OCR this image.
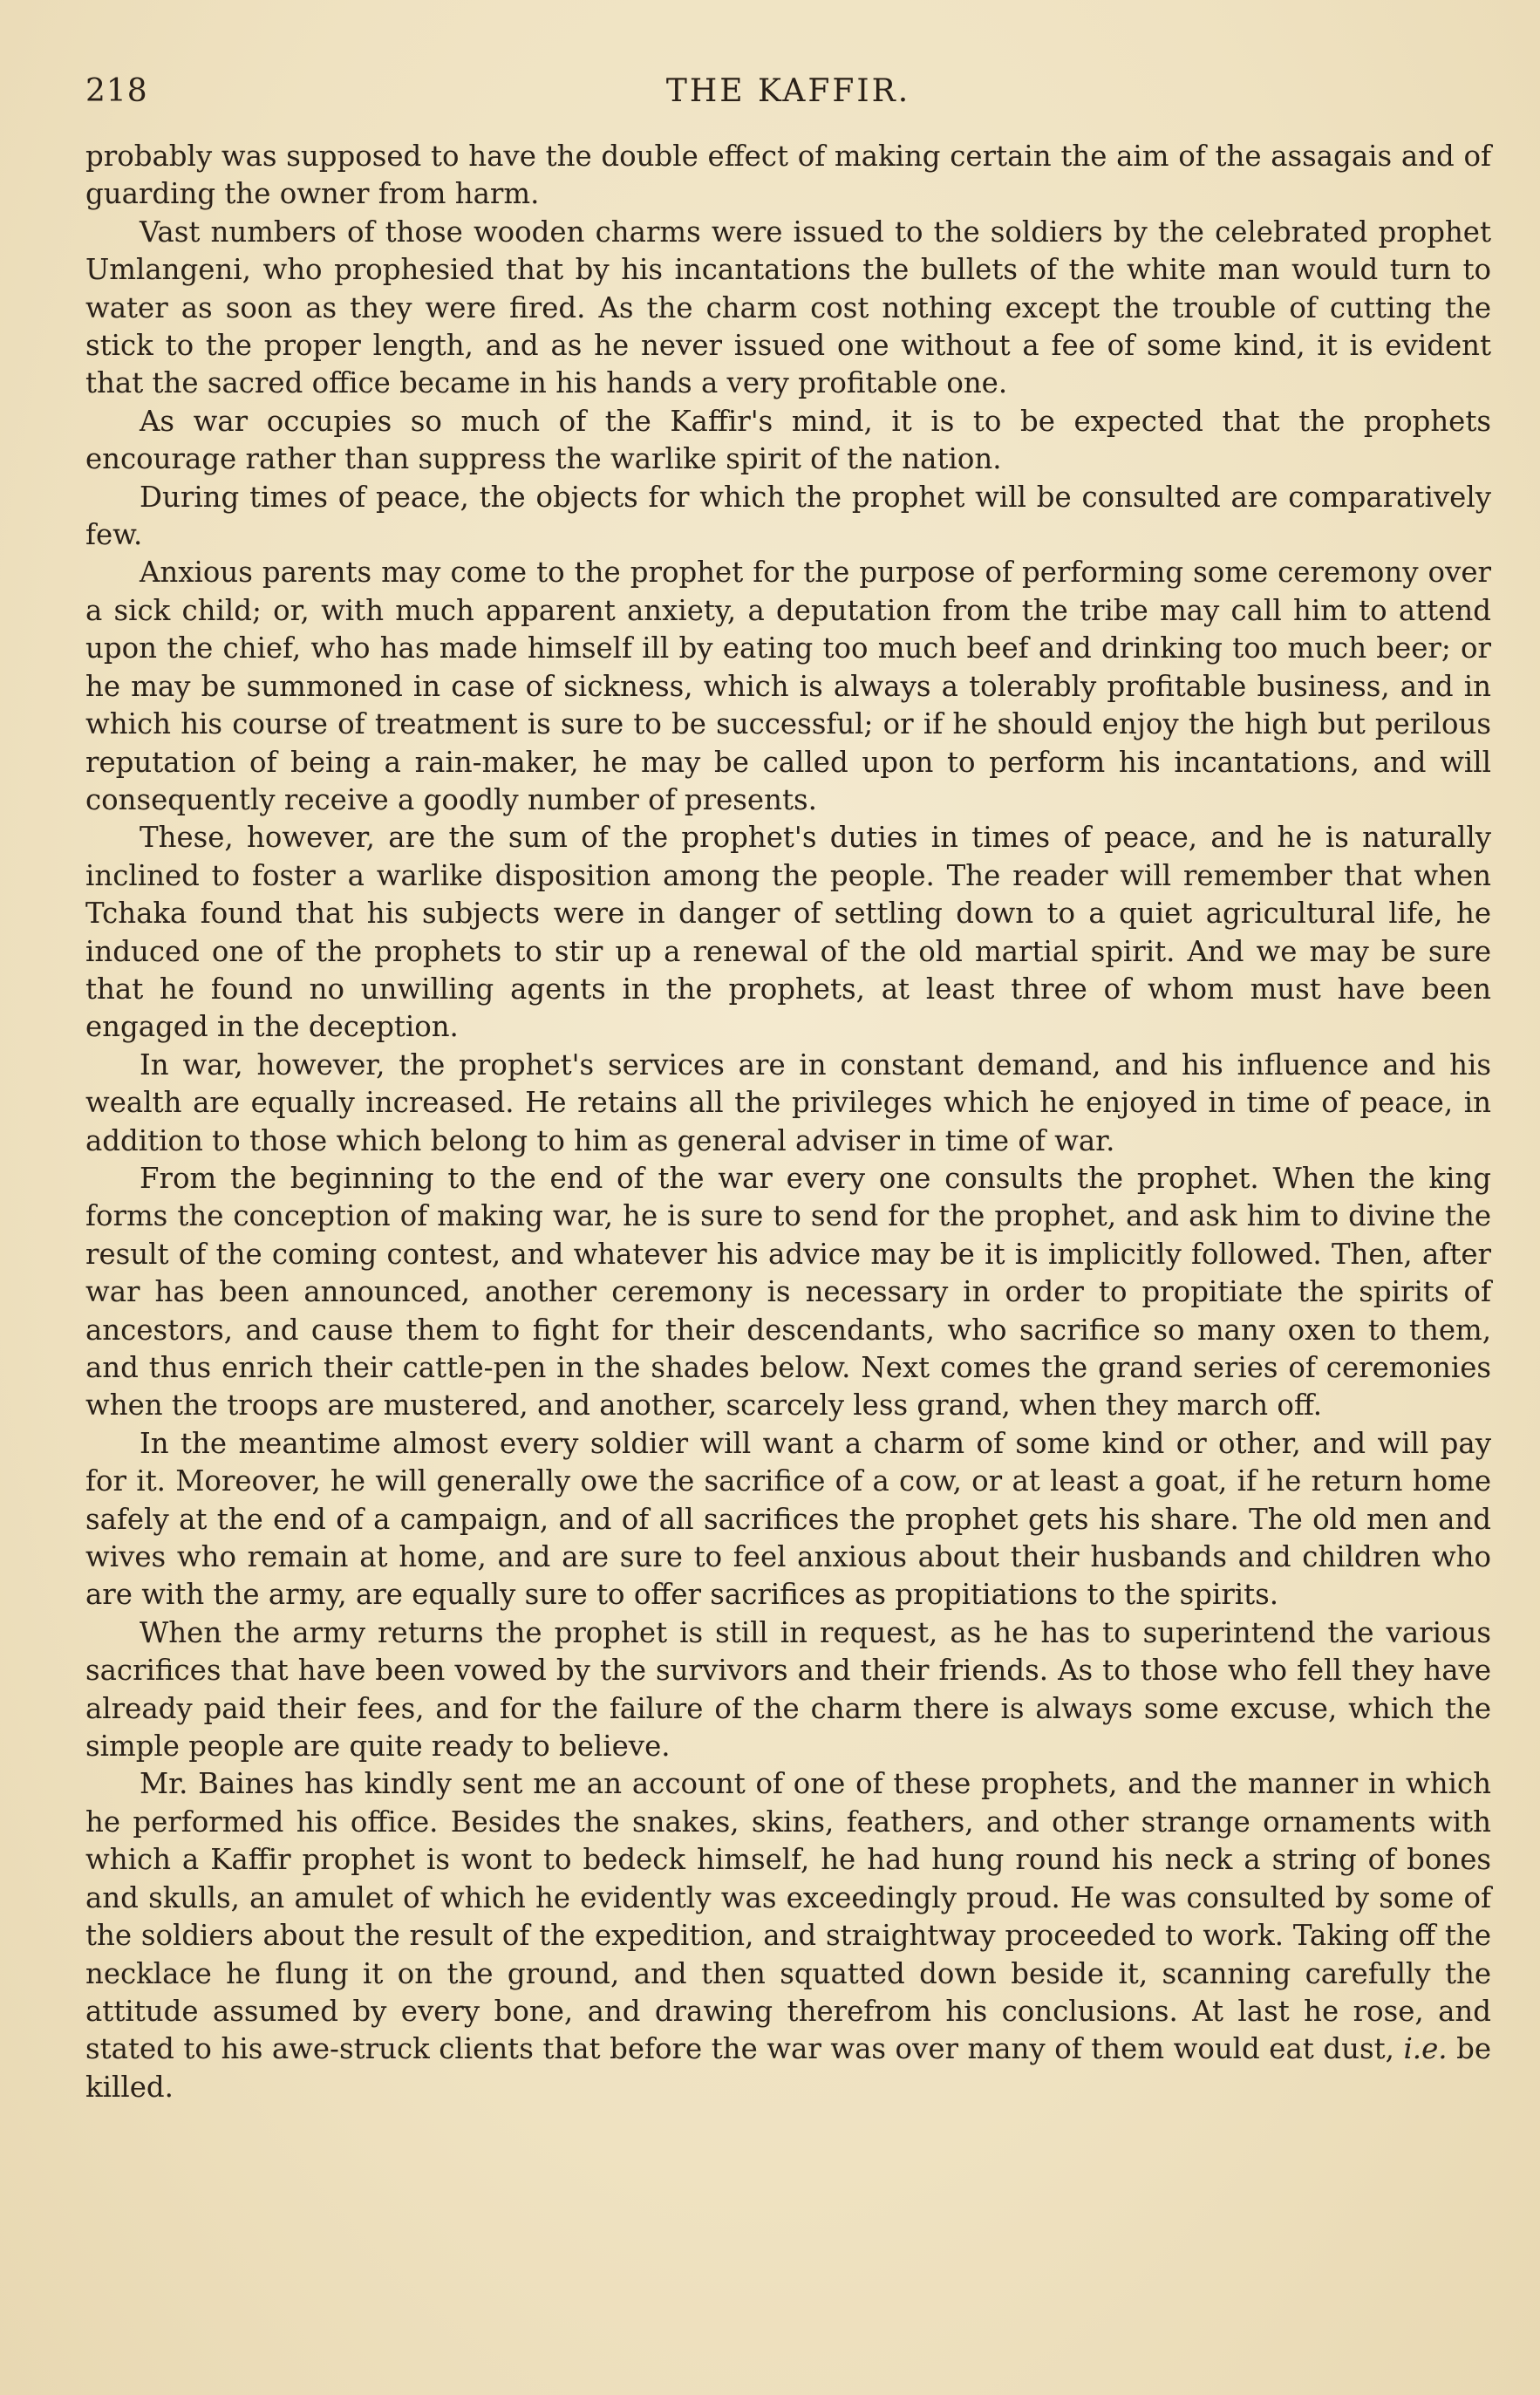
218	THE KAFFIR.

probably was supposed to have the double effect of making certain the aim of the assagais and of guarding the owner from harm.

Vast numbers of those wooden charms were issued to the soldiers by the celebrated prophet Umlangeni, who prophesied that by his incantations the bullets of the white man would turn to water as soon as they were fired. As the charm cost nothing except the trouble of cutting the stick to the proper length, and as he never issued one without a fee of some kind, it is evident that the sacred office became in his hands a very profitable one.

As war occupies so much of the Kaffir's mind, it is to be expected that the prophets encourage rather than suppress the warlike spirit of the nation.

During times of peace, the objects for which the prophet will be consulted are comparatively few.

Anxious parents may come to the prophet for the purpose of performing some ceremony over a sick child; or, with much apparent anxiety, a deputation from the tribe may call him to attend upon the chief, who has made himself ill by eating too much beef and drinking too much beer; or he may be summoned in case of sickness, which is always a tolerably profitable business, and in which his course of treatment is sure to be successful; or if he should enjoy the high but perilous reputation of being a rain-maker, he may be called upon to perform his incantations, and will consequently receive a goodly number of presents.

These, however, are the sum of the prophet's duties in times of peace, and he is naturally inclined to foster a warlike disposition among the people. The reader will remember that when Tchaka found that his subjects were in danger of settling down to a quiet agricultural life, he induced one of the prophets to stir up a renewal of the old martial spirit. And we may be sure that he found no unwilling agents in the prophets, at least three of whom must have been engaged in the deception.

In war, however, the prophet's services are in constant demand, and his influence and his wealth are equally increased. He retains all the privileges which he enjoyed in time of peace, in addition to those which belong to him as general adviser in time of war.

From the beginning to the end of the war every one consults the prophet. When the king forms the conception of making war, he is sure to send for the prophet, and ask him to divine the result of the coming contest, and whatever his advice may be it is implicitly followed. Then, after war has been announced, another ceremony is necessary in order to propitiate the spirits of ancestors, and cause them to fight for their descendants, who sacrifice so many oxen to them, and thus enrich their cattle-pen in the shades below. Next comes the grand series of ceremonies when the troops are mustered, and another, scarcely less grand, when they march off.

In the meantime almost every soldier will want a charm of some kind or other, and will pay for it. Moreover, he will generally owe the sacrifice of a cow, or at least a goat, if he return home safely at the end of a campaign, and of all sacrifices the prophet gets his share. The old men and wives who remain at home, and are sure to feel anxious about their husbands and children who are with the army, are equally sure to offer sacrifices as propitiations to the spirits.

When the army returns the prophet is still in request, as he has to superintend the various sacrifices that have been vowed by the survivors and their friends. As to those who fell they have already paid their fees, and for the failure of the charm there is always some excuse, which the simple people are quite ready to believe.

Mr. Baines has kindly sent me an account of one of these prophets, and the manner in which he performed his office. Besides the snakes, skins, feathers, and other strange ornaments with which a Kaffir prophet is wont to bedeck himself, he had hung round his neck a string of bones and skulls, an amulet of which he evidently was exceedingly proud. He was consulted by some of the soldiers about the result of the expedition, and straightway proceeded to work. Taking off the necklace he flung it on the ground, and then squatted down beside it, scanning carefully the attitude assumed by every bone, and drawing therefrom his conclusions. At last he rose, and stated to his awe-struck clients that before the war was over many of them would eat dust, i.e. be killed.
